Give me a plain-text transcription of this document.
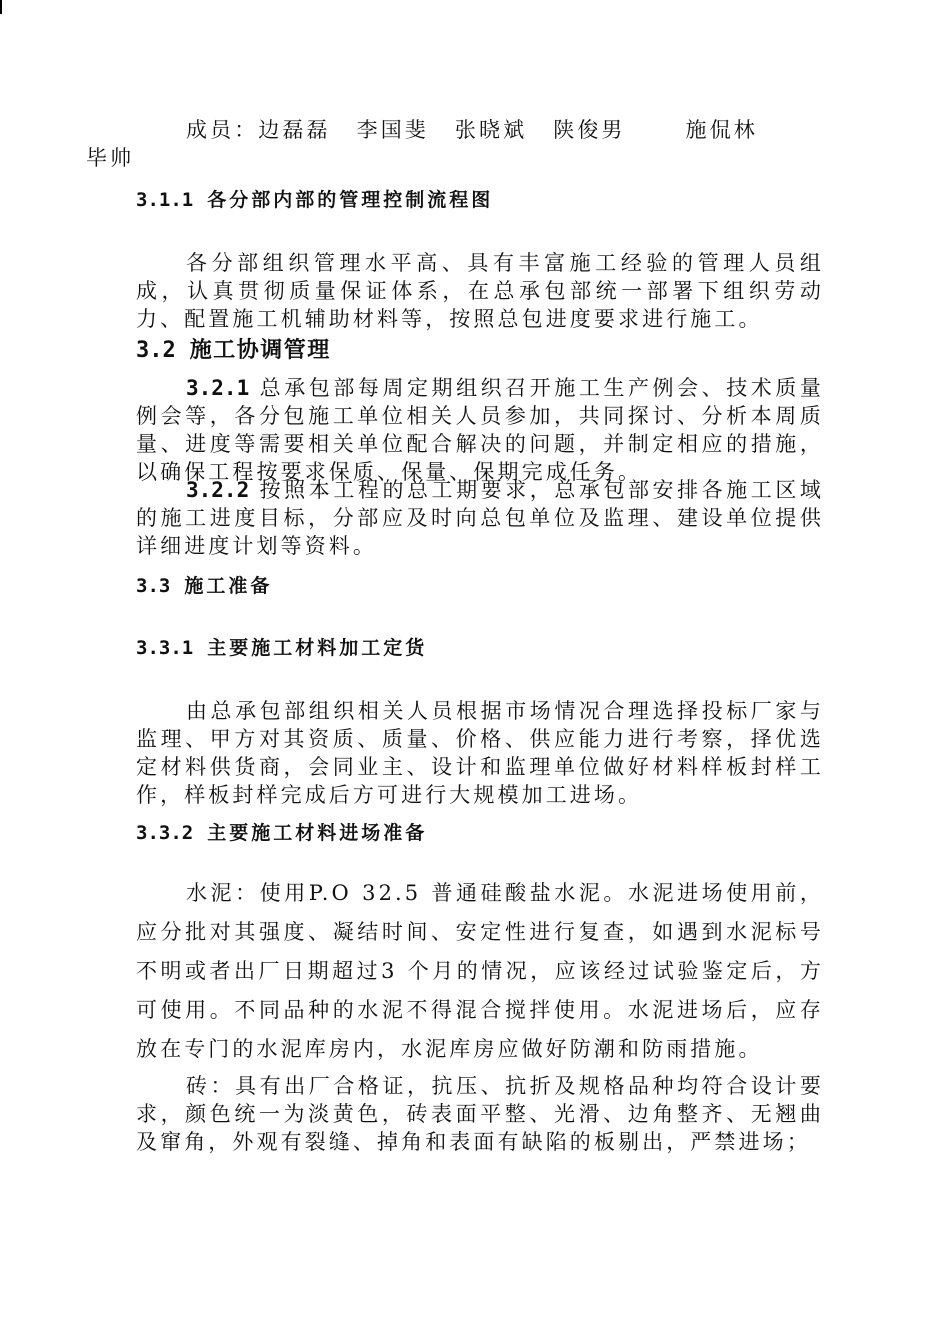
成员：边磊磊 李国斐 张晓斌 陕俊男	施侃林
毕帅

3.1.1 各分部内部的管理控制流程图

各分部组织管理水平高、具有丰富施工经验的管理人员组成，认真贯彻质量保证体系，在总承包部统一部署下组织劳动力、配置施工机辅助材料等，按照总包进度要求进行施工。

3.2 施工协调管理

3.2.1 总承包部每周定期组织召开施工生产例会、技术质量例会等，各分包施工单位相关人员参加，共同探讨、分析本周质量、进度等需要相关单位配合解决的问题，并制定相应的措施，以确保工程按要求保质、保量、保期完成任务。

3.2.2 按照本工程的总工期要求，总承包部安排各施工区域的施工进度目标，分部应及时向总包单位及监理、建设单位提供详细进度计划等资料。

3.3 施工准备
3.3.1 主要施工材料加工定货

由总承包部组织相关人员根据市场情况合理选择投标厂家与监理、甲方对其资质、质量、价格、供应能力进行考察，择优选定材料供货商，会同业主、设计和监理单位做好材料样板封样工作，样板封样完成后方可进行大规模加工进场。

3.3.2 主要施工材料进场准备

水泥：使用P.O 32.5 普通硅酸盐水泥。水泥进场使用前，应分批对其强度、凝结时间、安定性进行复查，如遇到水泥标号不明或者出厂日期超过3 个月的情况，应该经过试验鉴定后，方可使用。不同品种的水泥不得混合搅拌使用。水泥进场后，应存放在专门的水泥库房内，水泥库房应做好防潮和防雨措施。

砖：具有出厂合格证，抗压、抗折及规格品种均符合设计要求，颜色统一为淡黄色，砖表面平整、光滑、边角整齐、无翘曲及窜角，外观有裂缝、掉角和表面有缺陷的板剔出，严禁进场；
